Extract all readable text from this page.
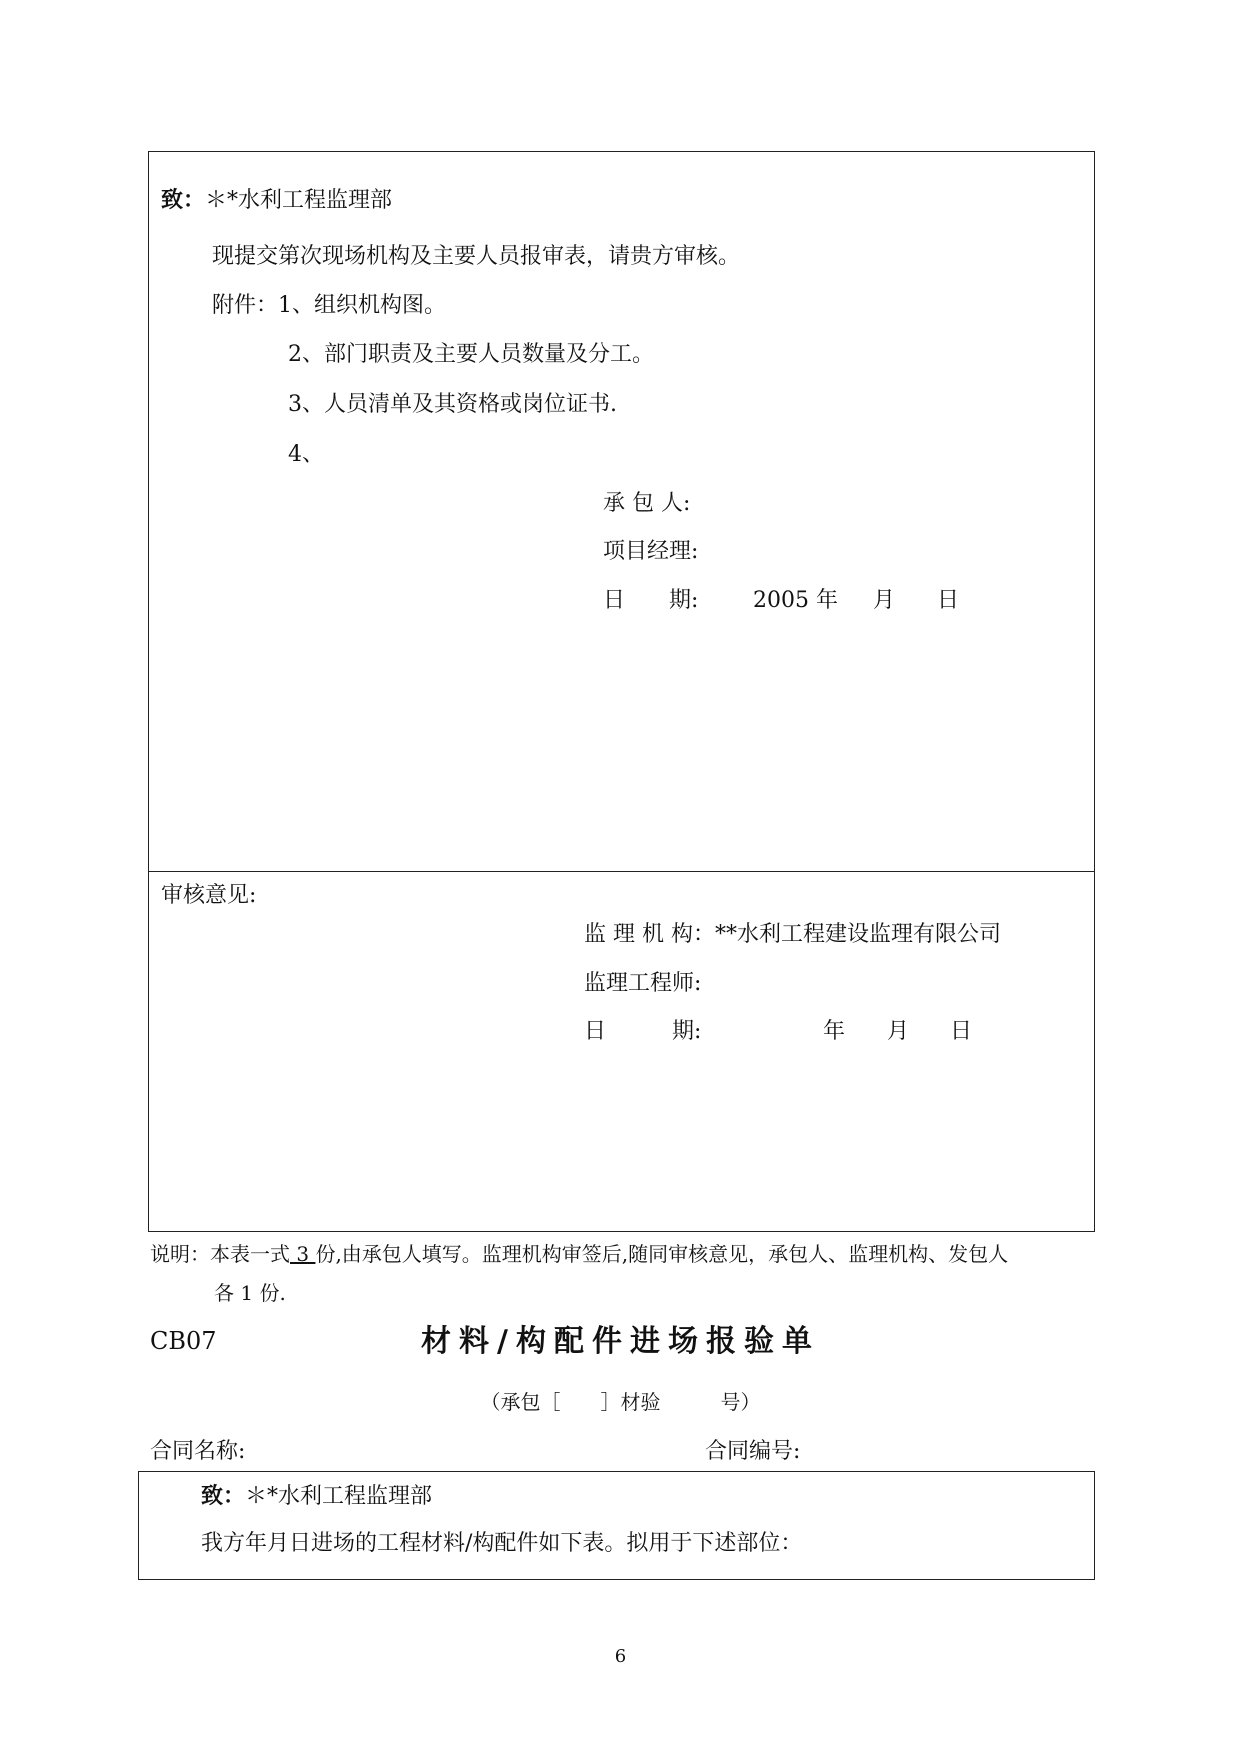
致：＊*水利工程监理部
现提交第次现场机构及主要人员报审表，请贵方审核。
附件：1、组织机构图。
2、部门职责及主要人员数量及分工。
3、人员清单及其资格或岗位证书.
4、
承 包 人:
项目经理:
日　　期: 2005 年 月 日
审核意见:
监 理 机 构：**水利工程建设监理有限公司
监理工程师:
日　　　期:	年 月 日
说明：本表一式 3 份,由承包人填写。监理机构审签后,随同审核意见，承包人、监理机构、发包人
各 1 份.
CB07	材料/构配件进场报验单
（承包［　　］材验　　　号）
合同名称:	合同编号:
致：＊*水利工程监理部
我方年月日进场的工程材料/构配件如下表。拟用于下述部位：
6
